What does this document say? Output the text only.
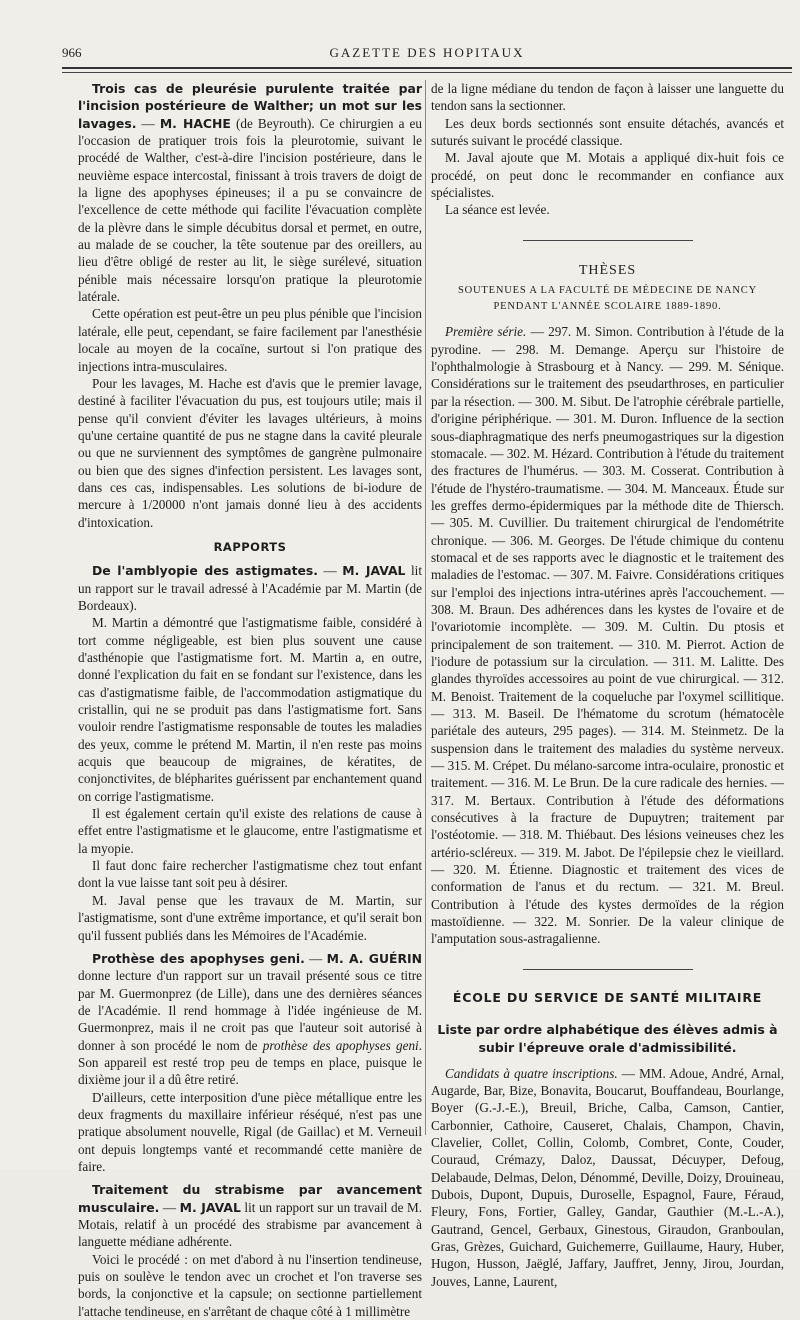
966	GAZETTE DES HOPITAUX

Trois cas de pleurésie purulente traitée par l'incision postérieure de Walther; un mot sur les lavages. — M. HACHE (de Beyrouth). Ce chirurgien a eu l'occasion de pratiquer trois fois la pleurotomie, suivant le procédé de Walther, c'est-à-dire l'incision postérieure, dans le neuvième espace intercostal, finissant à trois travers de doigt de la ligne des apophyses épineuses; il a pu se convaincre de l'excellence de cette méthode qui facilite l'évacuation complète de la plèvre dans le simple décubitus dorsal et permet, en outre, au malade de se coucher, la tête soutenue par des oreillers, au lieu d'être obligé de rester au lit, le siège surélevé, situation pénible mais nécessaire lorsqu'on pratique la pleurotomie latérale.

Cette opération est peut-être un peu plus pénible que l'incision latérale, elle peut, cependant, se faire facilement par l'anesthésie locale au moyen de la cocaïne, surtout si l'on pratique des injections intra-musculaires.

Pour les lavages, M. Hache est d'avis que le premier lavage, destiné à faciliter l'évacuation du pus, est toujours utile; mais il pense qu'il convient d'éviter les lavages ultérieurs, à moins qu'une certaine quantité de pus ne stagne dans la cavité pleurale ou que ne surviennent des symptômes de gangrène pulmonaire ou bien que des signes d'infection persistent. Les lavages sont, dans ces cas, indispensables. Les solutions de bi-iodure de mercure à 1/20000 n'ont jamais donné lieu à des accidents d'intoxication.

RAPPORTS

De l'amblyopie des astigmates. — M. JAVAL lit un rapport sur le travail adressé à l'Académie par M. Martin (de Bordeaux).

M. Martin a démontré que l'astigmatisme faible, considéré à tort comme négligeable, est bien plus souvent une cause d'asthénopie que l'astigmatisme fort. M. Martin a, en outre, donné l'explication du fait en se fondant sur l'existence, dans les cas d'astigmatisme faible, de l'accommodation astigmatique du cristallin, qui ne se produit pas dans l'astigmatisme fort. Sans vouloir rendre l'astigmatisme responsable de toutes les maladies des yeux, comme le prétend M. Martin, il n'en reste pas moins acquis que beaucoup de migraines, de kératites, de conjonctivites, de blépharites guérissent par enchantement quand on corrige l'astigmatisme.

Il est également certain qu'il existe des relations de cause à effet entre l'astigmatisme et le glaucome, entre l'astigmatisme et la myopie.

Il faut donc faire rechercher l'astigmatisme chez tout enfant dont la vue laisse tant soit peu à désirer.

M. Javal pense que les travaux de M. Martin, sur l'astigmatisme, sont d'une extrême importance, et qu'il serait bon qu'il fussent publiés dans les Mémoires de l'Académie.

Prothèse des apophyses geni. — M. A. GUÉRIN donne lecture d'un rapport sur un travail présenté sous ce titre par M. Guermonprez (de Lille), dans une des dernières séances de l'Académie. Il rend hommage à l'idée ingénieuse de M. Guermonprez, mais il ne croit pas que l'auteur soit autorisé à donner à son procédé le nom de prothèse des apophyses geni. Son appareil est resté trop peu de temps en place, puisque le dixième jour il a dû être retiré.

D'ailleurs, cette interposition d'une pièce métallique entre les deux fragments du maxillaire inférieur réséqué, n'est pas une pratique absolument nouvelle, Rigal (de Gaillac) et M. Verneuil ont depuis longtemps vanté et recommandé cette manière de faire.

Traitement du strabisme par avancement musculaire. — M. JAVAL lit un rapport sur un travail de M. Motais, relatif à un procédé des strabisme par avancement à languette médiane adhérente.

Voici le procédé : on met d'abord à nu l'insertion tendineuse, puis on soulève le tendon avec un crochet et l'on traverse ses bords, la conjonctive et la capsule; on sectionne partiellement l'attache tendineuse, en s'arrêtant de chaque côté à 1 millimètre

de la ligne médiane du tendon de façon à laisser une languette du tendon sans la sectionner.

Les deux bords sectionnés sont ensuite détachés, avancés et suturés suivant le procédé classique.

M. Javal ajoute que M. Motais a appliqué dix-huit fois ce procédé, on peut donc le recommander en confiance aux spécialistes.

La séance est levée.

THÈSES
SOUTENUES A LA FACULTÉ DE MÉDECINE DE NANCY
PENDANT L'ANNÉE SCOLAIRE 1889-1890.

Première série. — 297. M. Simon. Contribution à l'étude de la pyrodine. — 298. M. Demange. Aperçu sur l'histoire de l'ophthalmologie à Strasbourg et à Nancy. — 299. M. Sénique. Considérations sur le traitement des pseudarthroses, en particulier par la résection. — 300. M. Sibut. De l'atrophie cérébrale partielle, d'origine périphérique. — 301. M. Duron. Influence de la section sous-diaphragmatique des nerfs pneumogastriques sur la digestion stomacale. — 302. M. Hézard. Contribution à l'étude du traitement des fractures de l'humérus. — 303. M. Cosserat. Contribution à l'étude de l'hystéro-traumatisme. — 304. M. Manceaux. Étude sur les greffes dermo-épidermiques par la méthode dite de Thiersch. — 305. M. Cuvillier. Du traitement chirurgical de l'endométrite chronique. — 306. M. Georges. De l'étude chimique du contenu stomacal et de ses rapports avec le diagnostic et le traitement des maladies de l'estomac. — 307. M. Faivre. Considérations critiques sur l'emploi des injections intra-utérines après l'accouchement. — 308. M. Braun. Des adhérences dans les kystes de l'ovaire et de l'ovariotomie incomplète. — 309. M. Cultin. Du ptosis et principalement de son traitement. — 310. M. Pierrot. Action de l'iodure de potassium sur la circulation. — 311. M. Lalitte. Des glandes thyroïdes accessoires au point de vue chirurgical. — 312. M. Benoist. Traitement de la coqueluche par l'oxymel scillitique. — 313. M. Baseil. De l'hématome du scrotum (hématocèle pariétale des auteurs, 295 pages). — 314. M. Steinmetz. De la suspension dans le traitement des maladies du système nerveux. — 315. M. Crépet. Du mélano-sarcome intra-oculaire, pronostic et traitement. — 316. M. Le Brun. De la cure radicale des hernies. — 317. M. Bertaux. Contribution à l'étude des déformations consécutives à la fracture de Dupuytren; traitement par l'ostéotomie. — 318. M. Thiébaut. Des lésions veineuses chez les artério-scléreux. — 319. M. Jabot. De l'épilepsie chez le vieillard. — 320. M. Étienne. Diagnostic et traitement des vices de conformation de l'anus et du rectum. — 321. M. Breul. Contribution à l'étude des kystes dermoïdes de la région mastoïdienne. — 322. M. Sonrier. De la valeur clinique de l'amputation sous-astragalienne.

ÉCOLE DU SERVICE DE SANTÉ MILITAIRE
Liste par ordre alphabétique des élèves admis à subir l'épreuve orale d'admissibilité.

Candidats à quatre inscriptions. — MM. Adoue, André, Arnal, Augarde, Bar, Bize, Bonavita, Boucarut, Bouffandeau, Bourlange, Boyer (G.-J.-E.), Breuil, Briche, Calba, Camson, Cantier, Carbonnier, Cathoire, Causeret, Chalais, Champon, Chavin, Clavelier, Collet, Collin, Colomb, Combret, Conte, Couder, Couraud, Crémazy, Daloz, Daussat, Décuyper, Defoug, Delabaude, Delmas, Delon, Dénommé, Deville, Doizy, Drouineau, Dubois, Dupont, Dupuis, Duroselle, Espagnol, Faure, Féraud, Fleury, Fons, Fortier, Galley, Gandar, Gauthier (M.-L.-A.), Gautrand, Gencel, Gerbaux, Ginestous, Giraudon, Granboulan, Gras, Grèzes, Guichard, Guichemerre, Guillaume, Haury, Huber, Hugon, Husson, Jaëglé, Jaffary, Jauffret, Jenny, Jirou, Jourdan, Jouves, Lanne, Laurent,
